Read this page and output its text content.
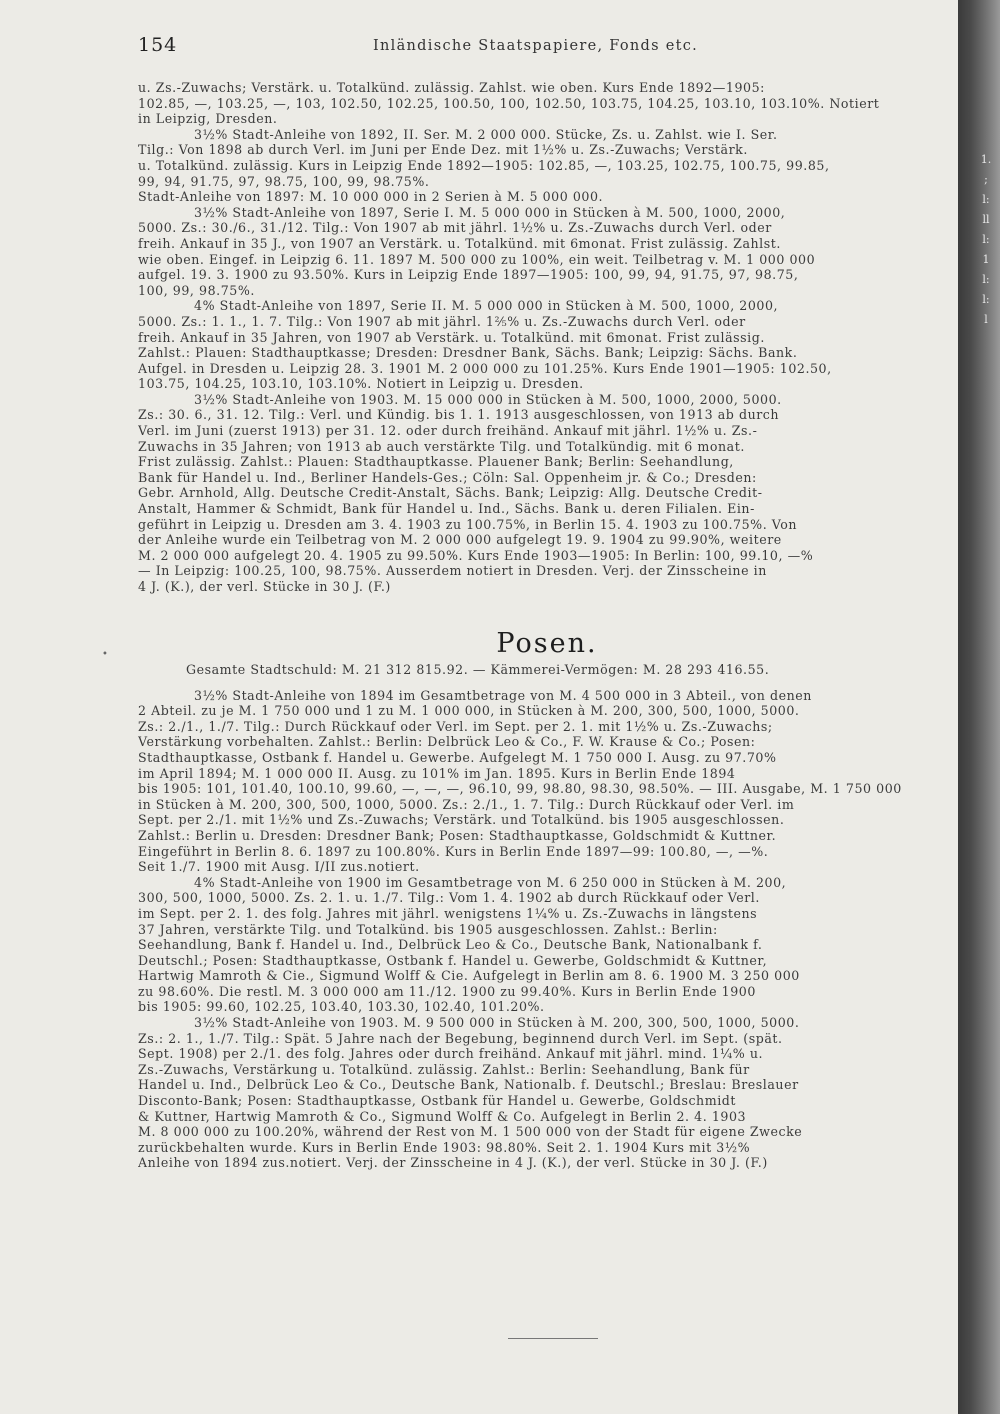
154	Inländische Staatspapiere, Fonds etc.
u. Zs.-Zuwachs; Verstärk. u. Totalkünd. zulässig. Zahlst. wie oben. Kurs Ende 1892—1905:
102.85, —, 103.25, —, 103, 102.50, 102.25, 100.50, 100, 102.50, 103.75, 104.25, 103.10, 103.10%. Notiert
in Leipzig, Dresden.
3½% Stadt-Anleihe von 1892, II. Ser. M. 2 000 000. Stücke, Zs. u. Zahlst. wie I. Ser.
Tilg.: Von 1898 ab durch Verl. im Juni per Ende Dez. mit 1½% u. Zs.-Zuwachs; Verstärk.
u. Totalkünd. zulässig. Kurs in Leipzig Ende 1892—1905: 102.85, —, 103.25, 102.75, 100.75, 99.85,
99, 94, 91.75, 97, 98.75, 100, 99, 98.75%.
Stadt-Anleihe von 1897: M. 10 000 000 in 2 Serien à M. 5 000 000.
3½% Stadt-Anleihe von 1897, Serie I. M. 5 000 000 in Stücken à M. 500, 1000, 2000,
5000. Zs.: 30./6., 31./12. Tilg.: Von 1907 ab mit jährl. 1½% u. Zs.-Zuwachs durch Verl. oder
freih. Ankauf in 35 J., von 1907 an Verstärk. u. Totalkünd. mit 6monat. Frist zulässig. Zahlst.
wie oben. Eingef. in Leipzig 6. 11. 1897 M. 500 000 zu 100%, ein weit. Teilbetrag v. M. 1 000 000
aufgel. 19. 3. 1900 zu 93.50%. Kurs in Leipzig Ende 1897—1905: 100, 99, 94, 91.75, 97, 98.75,
100, 99, 98.75%.
4% Stadt-Anleihe von 1897, Serie II. M. 5 000 000 in Stücken à M. 500, 1000, 2000,
5000. Zs.: 1. 1., 1. 7. Tilg.: Von 1907 ab mit jährl. 1⅖% u. Zs.-Zuwachs durch Verl. oder
freih. Ankauf in 35 Jahren, von 1907 ab Verstärk. u. Totalkünd. mit 6monat. Frist zulässig.
Zahlst.: Plauen: Stadthauptkasse; Dresden: Dresdner Bank, Sächs. Bank; Leipzig: Sächs. Bank.
Aufgel. in Dresden u. Leipzig 28. 3. 1901 M. 2 000 000 zu 101.25%. Kurs Ende 1901—1905: 102.50,
103.75, 104.25, 103.10, 103.10%. Notiert in Leipzig u. Dresden.
3½% Stadt-Anleihe von 1903. M. 15 000 000 in Stücken à M. 500, 1000, 2000, 5000.
Zs.: 30. 6., 31. 12. Tilg.: Verl. und Kündig. bis 1. 1. 1913 ausgeschlossen, von 1913 ab durch
Verl. im Juni (zuerst 1913) per 31. 12. oder durch freihänd. Ankauf mit jährl. 1½% u. Zs.-
Zuwachs in 35 Jahren; von 1913 ab auch verstärkte Tilg. und Totalkündig. mit 6 monat.
Frist zulässig. Zahlst.: Plauen: Stadthauptkasse. Plauener Bank; Berlin: Seehandlung,
Bank für Handel u. Ind., Berliner Handels-Ges.; Cöln: Sal. Oppenheim jr. & Co.; Dresden:
Gebr. Arnhold, Allg. Deutsche Credit-Anstalt, Sächs. Bank; Leipzig: Allg. Deutsche Credit-
Anstalt, Hammer & Schmidt, Bank für Handel u. Ind., Sächs. Bank u. deren Filialen. Ein-
geführt in Leipzig u. Dresden am 3. 4. 1903 zu 100.75%, in Berlin 15. 4. 1903 zu 100.75%. Von
der Anleihe wurde ein Teilbetrag von M. 2 000 000 aufgelegt 19. 9. 1904 zu 99.90%, weitere
M. 2 000 000 aufgelegt 20. 4. 1905 zu 99.50%. Kurs Ende 1903—1905: In Berlin: 100, 99.10, —%
— In Leipzig: 100.25, 100, 98.75%. Ausserdem notiert in Dresden. Verj. der Zinsscheine in
4 J. (K.), der verl. Stücke in 30 J. (F.)
Posen.
Gesamte Stadtschuld: M. 21 312 815.92. — Kämmerei-Vermögen: M. 28 293 416.55.
3½% Stadt-Anleihe von 1894 im Gesamtbetrage von M. 4 500 000 in 3 Abteil., von denen
2 Abteil. zu je M. 1 750 000 und 1 zu M. 1 000 000, in Stücken à M. 200, 300, 500, 1000, 5000.
Zs.: 2./1., 1./7. Tilg.: Durch Rückkauf oder Verl. im Sept. per 2. 1. mit 1½% u. Zs.-Zuwachs;
Verstärkung vorbehalten. Zahlst.: Berlin: Delbrück Leo & Co., F. W. Krause & Co.; Posen:
Stadthauptkasse, Ostbank f. Handel u. Gewerbe. Aufgelegt M. 1 750 000 I. Ausg. zu 97.70%
im April 1894; M. 1 000 000 II. Ausg. zu 101% im Jan. 1895. Kurs in Berlin Ende 1894
bis 1905: 101, 101.40, 100.10, 99.60, —, —, —, 96.10, 99, 98.80, 98.30, 98.50%. — III. Ausgabe, M. 1 750 000
in Stücken à M. 200, 300, 500, 1000, 5000. Zs.: 2./1., 1. 7. Tilg.: Durch Rückkauf oder Verl. im
Sept. per 2./1. mit 1½% und Zs.-Zuwachs; Verstärk. und Totalkünd. bis 1905 ausgeschlossen.
Zahlst.: Berlin u. Dresden: Dresdner Bank; Posen: Stadthauptkasse, Goldschmidt & Kuttner.
Eingeführt in Berlin 8. 6. 1897 zu 100.80%. Kurs in Berlin Ende 1897—99: 100.80, —, —%.
Seit 1./7. 1900 mit Ausg. I/II zus.notiert.
4% Stadt-Anleihe von 1900 im Gesamtbetrage von M. 6 250 000 in Stücken à M. 200,
300, 500, 1000, 5000. Zs. 2. 1. u. 1./7. Tilg.: Vom 1. 4. 1902 ab durch Rückkauf oder Verl.
im Sept. per 2. 1. des folg. Jahres mit jährl. wenigstens 1¼% u. Zs.-Zuwachs in längstens
37 Jahren, verstärkte Tilg. und Totalkünd. bis 1905 ausgeschlossen. Zahlst.: Berlin:
Seehandlung, Bank f. Handel u. Ind., Delbrück Leo & Co., Deutsche Bank, Nationalbank f.
Deutschl.; Posen: Stadthauptkasse, Ostbank f. Handel u. Gewerbe, Goldschmidt & Kuttner,
Hartwig Mamroth & Cie., Sigmund Wolff & Cie. Aufgelegt in Berlin am 8. 6. 1900 M. 3 250 000
zu 98.60%. Die restl. M. 3 000 000 am 11./12. 1900 zu 99.40%. Kurs in Berlin Ende 1900
bis 1905: 99.60, 102.25, 103.40, 103.30, 102.40, 101.20%.
3½% Stadt-Anleihe von 1903. M. 9 500 000 in Stücken à M. 200, 300, 500, 1000, 5000.
Zs.: 2. 1., 1./7. Tilg.: Spät. 5 Jahre nach der Begebung, beginnend durch Verl. im Sept. (spät.
Sept. 1908) per 2./1. des folg. Jahres oder durch freihänd. Ankauf mit jährl. mind. 1¼% u.
Zs.-Zuwachs, Verstärkung u. Totalkünd. zulässig. Zahlst.: Berlin: Seehandlung, Bank für
Handel u. Ind., Delbrück Leo & Co., Deutsche Bank, Nationalb. f. Deutschl.; Breslau: Breslauer
Disconto-Bank; Posen: Stadthauptkasse, Ostbank für Handel u. Gewerbe, Goldschmidt
& Kuttner, Hartwig Mamroth & Co., Sigmund Wolff & Co. Aufgelegt in Berlin 2. 4. 1903
M. 8 000 000 zu 100.20%, während der Rest von M. 1 500 000 von der Stadt für eigene Zwecke
zurückbehalten wurde. Kurs in Berlin Ende 1903: 98.80%. Seit 2. 1. 1904 Kurs mit 3½%
Anleihe von 1894 zus.notiert. Verj. der Zinsscheine in 4 J. (K.), der verl. Stücke in 30 J. (F.)
•
1.
;
l:
ll
l:
1
l:
l:
l
